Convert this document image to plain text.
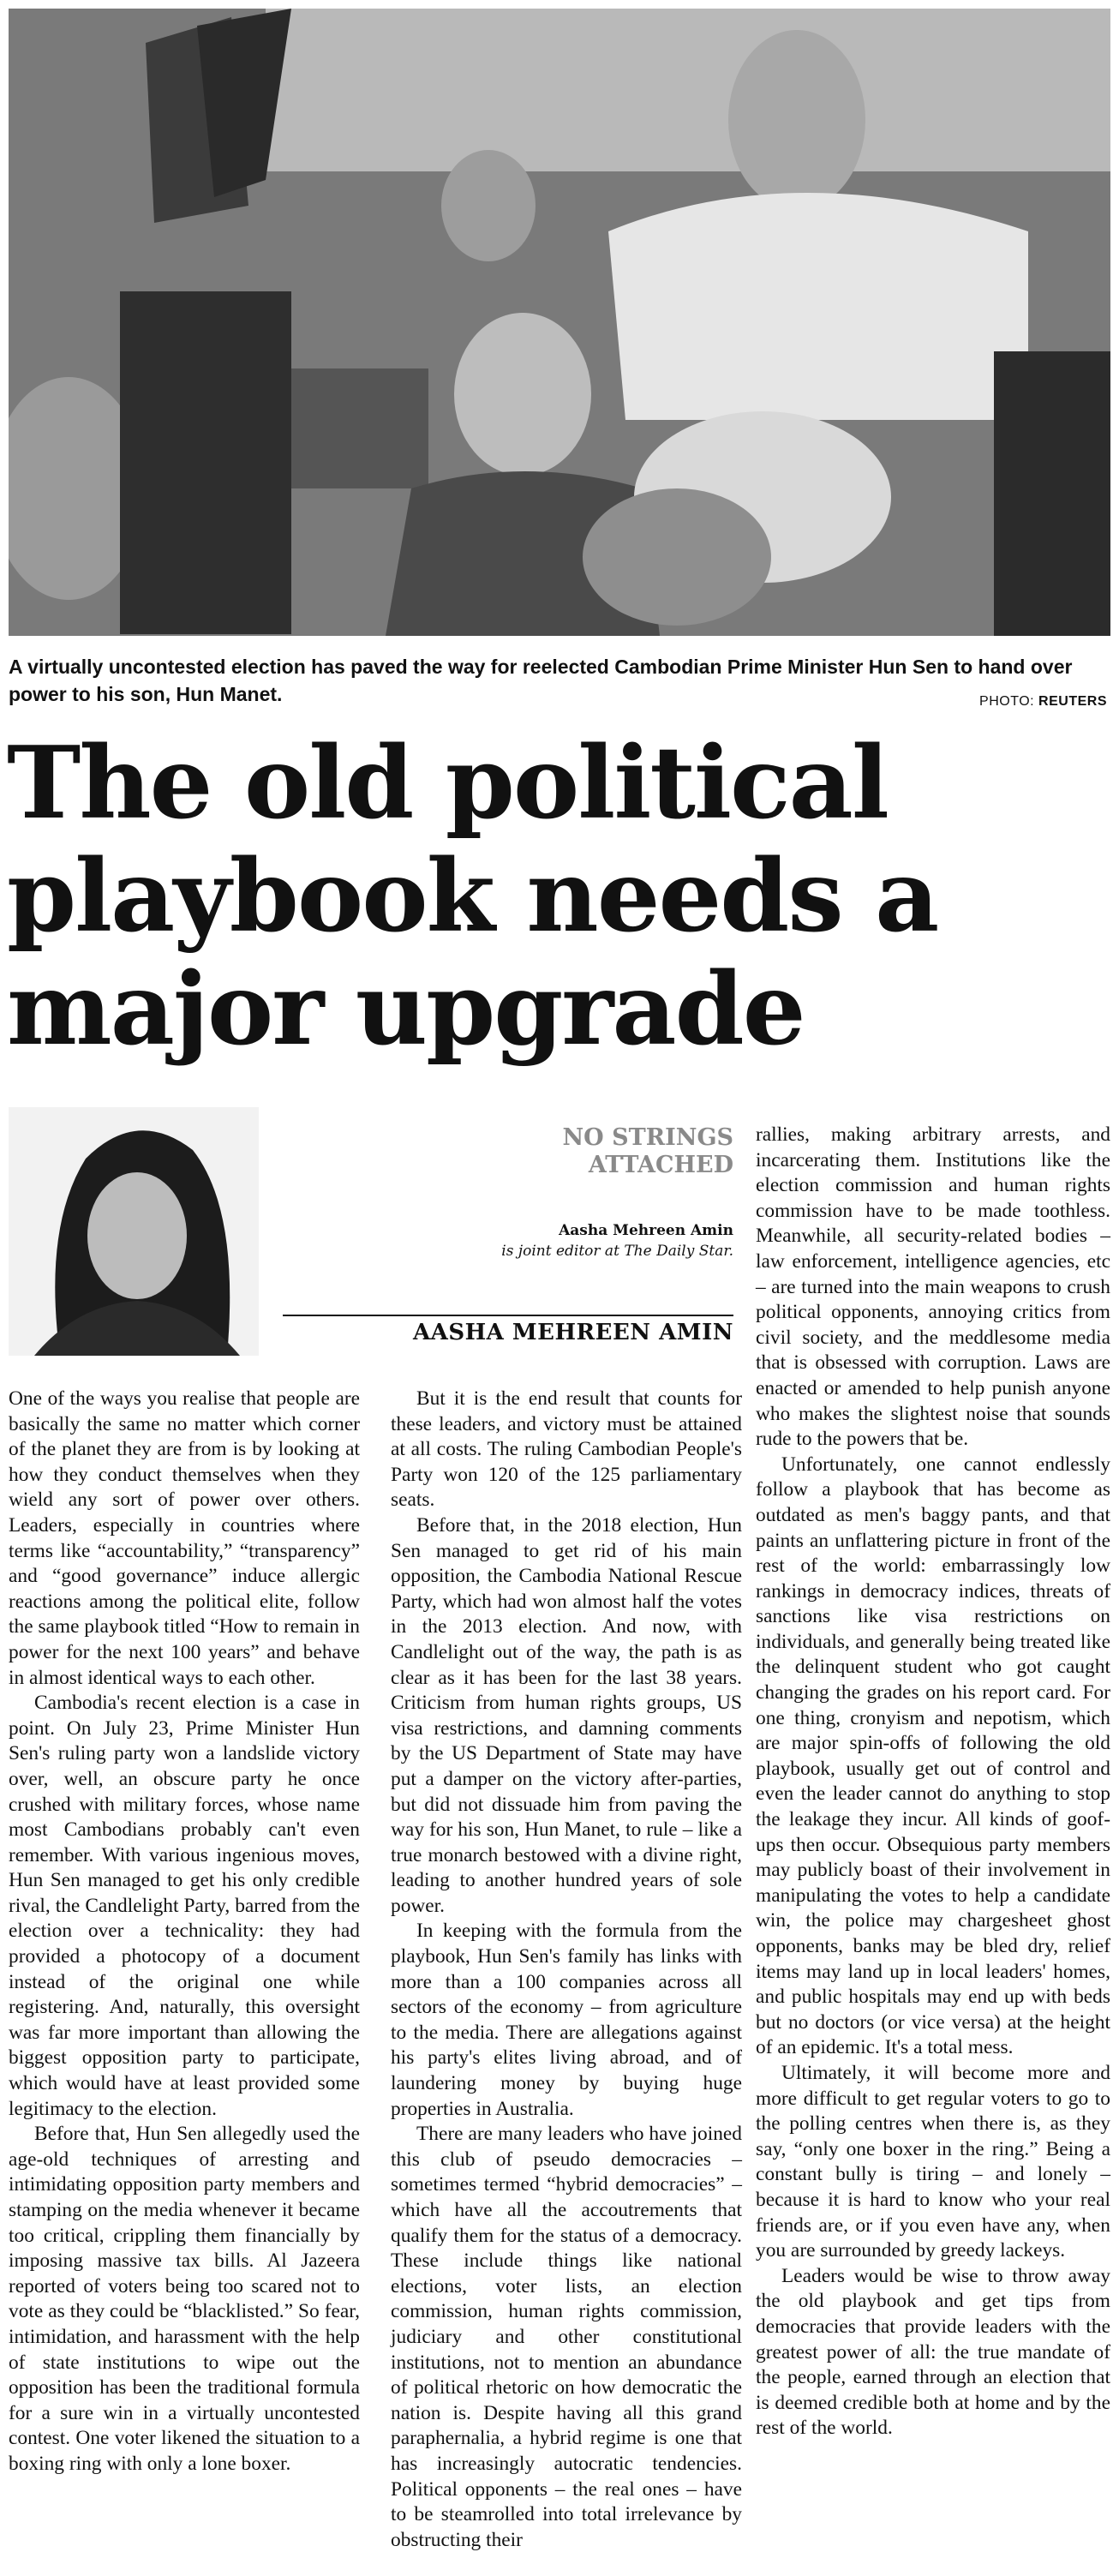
A virtually uncontested election has paved the way for reelected Cambodian Prime Minister Hun Sen to hand over power to his son, Hun Manet.	PHOTO: REUTERS
The old political
playbook needs a
major upgrade
NO STRINGS
ATTACHED
Aasha Mehreen Amin
is joint editor at The Daily Star.
AASHA MEHREEN AMIN

One of the ways you realise that people are basically the same no matter which corner of the planet they are from is by looking at how they conduct themselves when they wield any sort of power over others. Leaders, especially in countries where terms like “accountability,” “transparency” and “good governance” induce allergic reactions among the political elite, follow the same playbook titled “How to remain in power for the next 100 years” and behave in almost identical ways to each other.

Cambodia's recent election is a case in point. On July 23, Prime Minister Hun Sen's ruling party won a landslide victory over, well, an obscure party he once crushed with military forces, whose name most Cambodians probably can't even remember. With various ingenious moves, Hun Sen managed to get his only credible rival, the Candlelight Party, barred from the election over a technicality: they had provided a photocopy of a document instead of the original one while registering. And, naturally, this oversight was far more important than allowing the biggest opposition party to participate, which would have at least provided some legitimacy to the election.

Before that, Hun Sen allegedly used the age-old techniques of arresting and intimidating opposition party members and stamping on the media whenever it became too critical, crippling them financially by imposing massive tax bills. Al Jazeera reported of voters being too scared not to vote as they could be “blacklisted.” So fear, intimidation, and harassment with the help of state institutions to wipe out the opposition has been the traditional formula for a sure win in a virtually uncontested contest. One voter likened the situation to a boxing ring with only a lone boxer.

But it is the end result that counts for these leaders, and victory must be attained at all costs. The ruling Cambodian People's Party won 120 of the 125 parliamentary seats.

Before that, in the 2018 election, Hun Sen managed to get rid of his main opposition, the Cambodia National Rescue Party, which had won almost half the votes in the 2013 election. And now, with Candlelight out of the way, the path is as clear as it has been for the last 38 years. Criticism from human rights groups, US visa restrictions, and damning comments by the US Department of State may have put a damper on the victory after-parties, but did not dissuade him from paving the way for his son, Hun Manet, to rule – like a true monarch bestowed with a divine right, leading to another hundred years of sole power.

In keeping with the formula from the playbook, Hun Sen's family has links with more than a 100 companies across all sectors of the economy – from agriculture to the media. There are allegations against his party's elites living abroad, and of laundering money by buying huge properties in Australia.

There are many leaders who have joined this club of pseudo democracies – sometimes termed “hybrid democracies” – which have all the accoutrements that qualify them for the status of a democracy. These include things like national elections, voter lists, an election commission, human rights commission, judiciary and other constitutional institutions, not to mention an abundance of political rhetoric on how democratic the nation is. Despite having all this grand paraphernalia, a hybrid regime is one that has increasingly autocratic tendencies. Political opponents – the real ones – have to be steamrolled into total irrelevance by obstructing their

rallies, making arbitrary arrests, and incarcerating them. Institutions like the election commission and human rights commission have to be made toothless. Meanwhile, all security-related bodies – law enforcement, intelligence agencies, etc – are turned into the main weapons to crush political opponents, annoying critics from civil society, and the meddlesome media that is obsessed with corruption. Laws are enacted or amended to help punish anyone who makes the slightest noise that sounds rude to the powers that be.

Unfortunately, one cannot endlessly follow a playbook that has become as outdated as men's baggy pants, and that paints an unflattering picture in front of the rest of the world: embarrassingly low rankings in democracy indices, threats of sanctions like visa restrictions on individuals, and generally being treated like the delinquent student who got caught changing the grades on his report card. For one thing, cronyism and nepotism, which are major spin-offs of following the old playbook, usually get out of control and even the leader cannot do anything to stop the leakage they incur. All kinds of goof-ups then occur. Obsequious party members may publicly boast of their involvement in manipulating the votes to help a candidate win, the police may chargesheet ghost opponents, banks may be bled dry, relief items may land up in local leaders' homes, and public hospitals may end up with beds but no doctors (or vice versa) at the height of an epidemic. It's a total mess.

Ultimately, it will become more and more difficult to get regular voters to go to the polling centres when there is, as they say, “only one boxer in the ring.” Being a constant bully is tiring – and lonely – because it is hard to know who your real friends are, or if you even have any, when you are surrounded by greedy lackeys.

Leaders would be wise to throw away the old playbook and get tips from democracies that provide leaders with the greatest power of all: the true mandate of the people, earned through an election that is deemed credible both at home and by the rest of the world.
